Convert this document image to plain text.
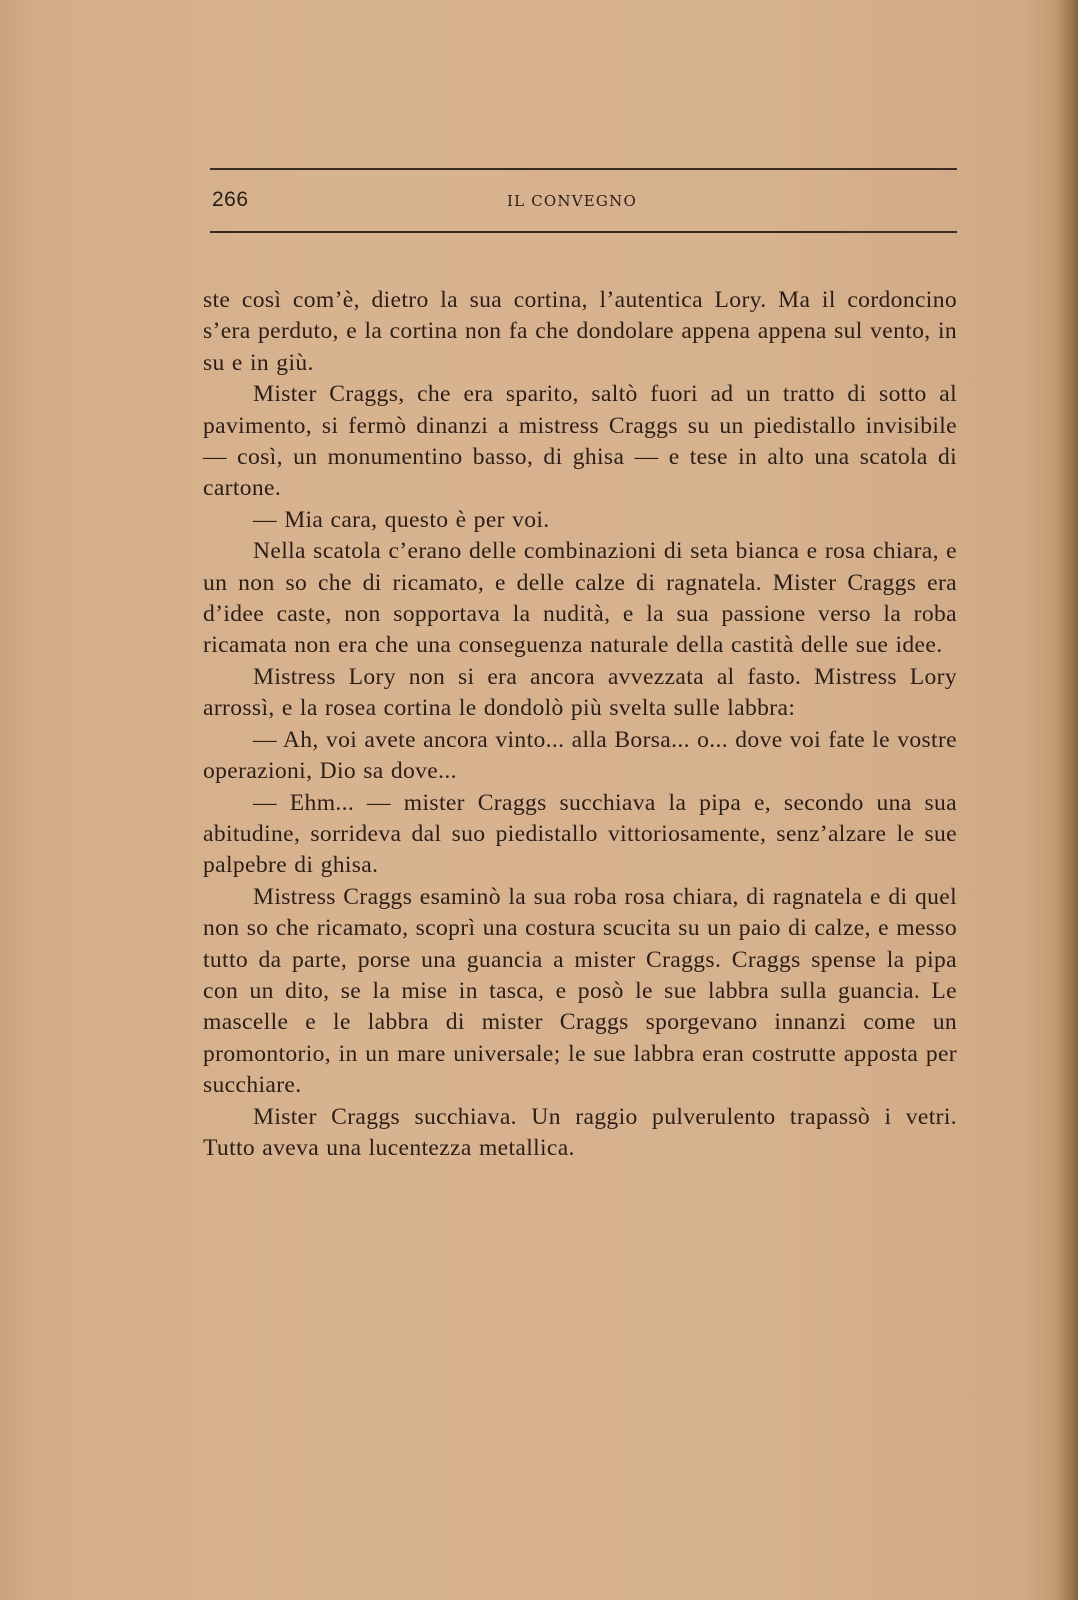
266	IL CONVEGNO

ste così com’è, dietro la sua cortina, l’autentica Lory. Ma il cordoncino s’era perduto, e la cortina non fa che dondolare appena appena sul vento, in su e in giù.

Mister Craggs, che era sparito, saltò fuori ad un tratto di sotto al pavimento, si fermò dinanzi a mistress Craggs su un piedistallo invisibile — così, un monumentino basso, di ghisa — e tese in alto una scatola di cartone.

— Mia cara, questo è per voi.

Nella scatola c’erano delle combinazioni di seta bianca e rosa chiara, e un non so che di ricamato, e delle calze di ragnatela. Mister Craggs era d’idee caste, non sopportava la nudità, e la sua passione verso la roba ricamata non era che una conseguenza naturale della castità delle sue idee.

Mistress Lory non si era ancora avvezzata al fasto. Mistress Lory arrossì, e la rosea cortina le dondolò più svelta sulle labbra:

— Ah, voi avete ancora vinto... alla Borsa... o... dove voi fate le vostre operazioni, Dio sa dove...

— Ehm... — mister Craggs succhiava la pipa e, secondo una sua abitudine, sorrideva dal suo piedistallo vittoriosamente, senz’alzare le sue palpebre di ghisa.

Mistress Craggs esaminò la sua roba rosa chiara, di ragnatela e di quel non so che ricamato, scoprì una costura scucita su un paio di calze, e messo tutto da parte, porse una guancia a mister Craggs. Craggs spense la pipa con un dito, se la mise in tasca, e posò le sue labbra sulla guancia. Le mascelle e le labbra di mister Craggs sporgevano innanzi come un promontorio, in un mare universale; le sue labbra eran costrutte apposta per succhiare.

Mister Craggs succhiava. Un raggio pulverulento trapassò i vetri. Tutto aveva una lucentezza metallica.
